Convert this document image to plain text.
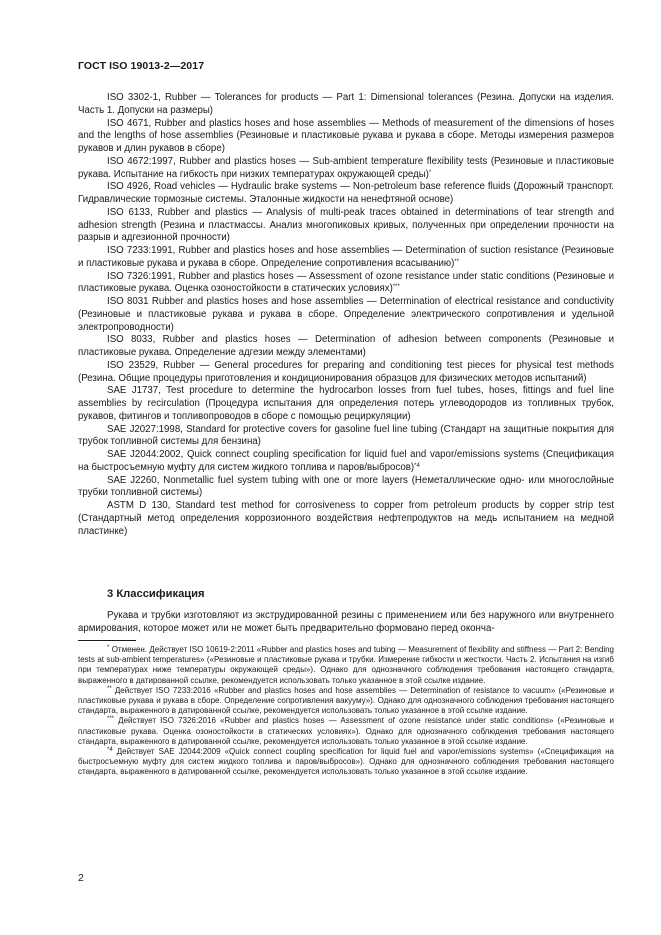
ГОСТ ISO 19013-2—2017

ISO 3302-1, Rubber — Tolerances for products — Part 1: Dimensional tolerances (Резина. Допуски на изделия. Часть 1. Допуски на размеры)

ISO 4671, Rubber and plastics hoses and hose assemblies — Methods of measurement of the dimensions of hoses and the lengths of hose assemblies (Резиновые и пластиковые рукава и рукава в сборе. Методы измерения размеров рукавов и длин рукавов в сборе)

ISO 4672:1997, Rubber and plastics hoses — Sub-ambient temperature flexibility tests (Резиновые и пластиковые рукава. Испытание на гибкость при низких температурах окружающей среды)*

ISO 4926, Road vehicles — Hydraulic brake systems — Non-petroleum base reference fluids (Дорожный транспорт. Гидравлические тормозные системы. Эталонные жидкости на ненефтяной основе)

ISO 6133, Rubber and plastics — Analysis of multi-peak traces obtained in determinations of tear strength and adhesion strength (Резина и пластмассы. Анализ многопиковых кривых, полученных при определении прочности на разрыв и адгезионной прочности)

ISO 7233:1991, Rubber and plastics hoses and hose assemblies — Determination of suction resistance (Резиновые и пластиковые рукава и рукава в сборе. Определение сопротивления всасыванию)**

ISO 7326:1991, Rubber and plastics hoses — Assessment of ozone resistance under static conditions (Резиновые и пластиковые рукава. Оценка озоностойкости в статических условиях)***

ISO 8031 Rubber and plastics hoses and hose assemblies — Determination of electrical resistance and conductivity (Резиновые и пластиковые рукава и рукава в сборе. Определение электрического сопротивления и удельной электропроводности)

ISO 8033, Rubber and plastics hoses — Determination of adhesion between components (Резиновые и пластиковые рукава. Определение адгезии между элементами)

ISO 23529, Rubber — General procedures for preparing and conditioning test pieces for physical test methods (Резина. Общие процедуры приготовления и кондиционирования образцов для физических методов испытаний)

SAE J1737, Test procedure to determine the hydrocarbon losses from fuel tubes, hoses, fittings and fuel line assemblies by recirculation (Процедура испытания для определения потерь углеводородов из топливных трубок, рукавов, фитингов и топливопроводов в сборе с помощью рециркуляции)

SAE J2027:1998, Standard for protective covers for gasoline fuel line tubing (Стандарт на защитные покрытия для трубок топливной системы для бензина)

SAE J2044:2002, Quick connect coupling specification for liquid fuel and vapor/emissions systems (Спецификация на быстросъемную муфту для систем жидкого топлива и паров/выбросов)$^{*4}$

SAE J2260, Nonmetallic fuel system tubing with one or more layers (Неметаллические одно- или многослойные трубки топливной системы)

ASTM D 130, Standard test method for corrosiveness to copper from petroleum products by copper strip test (Стандартный метод определения коррозионного воздействия нефтепродуктов на медь испытанием на медной пластинке)

3 Классификация

Рукава и трубки изготовляют из экструдированной резины с применением или без наружного или внутреннего армирования, которое может или не может быть предварительно формовано перед оконча-

* Отменен. Действует ISO 10619-2:2011 «Rubber and plastics hoses and tubing — Measurement of flexibility and stiffness — Part 2: Bending tests at sub-ambient temperatures» («Резиновые и пластиковые рукава и трубки. Измерение гибкости и жесткости. Часть 2. Испытания на изгиб при температурах ниже температуры окружающей среды»). Однако для однозначного соблюдения требования настоящего стандарта, выраженного в датированной ссылке, рекомендуется использовать только указанное в этой ссылке издание.

** Действует ISO 7233:2016 «Rubber and plastics hoses and hose assemblies — Determination of resistance to vacuum» («Резиновые и пластиковые рукава и рукава в сборе. Определение сопротивления вакууму»). Однако для однозначного соблюдения требования настоящего стандарта, выраженного в датированной ссылке, рекомендуется использовать только указанное в этой ссылке издание.

*** Действует ISO 7326:2016 «Rubber and plastics hoses — Assessment of ozone resistance under static conditions» («Резиновые и пластиковые рукава. Оценка озоностойкости в статических условиях»). Однако для однозначного соблюдения требования настоящего стандарта, выраженного в датированной ссылке, рекомендуется использовать только указанное в этой ссылке издание.

$^{*4}$ Действует SAE J2044:2009 «Quick connect coupling specification for liquid fuel and vapor/emissions systems» («Спецификация на быстросъемную муфту для систем жидкого топлива и паров/выбросов»). Однако для однозначного соблюдения требования настоящего стандарта, выраженного в датированной ссылке, рекомендуется использовать только указанное в этой ссылке издание.

2
